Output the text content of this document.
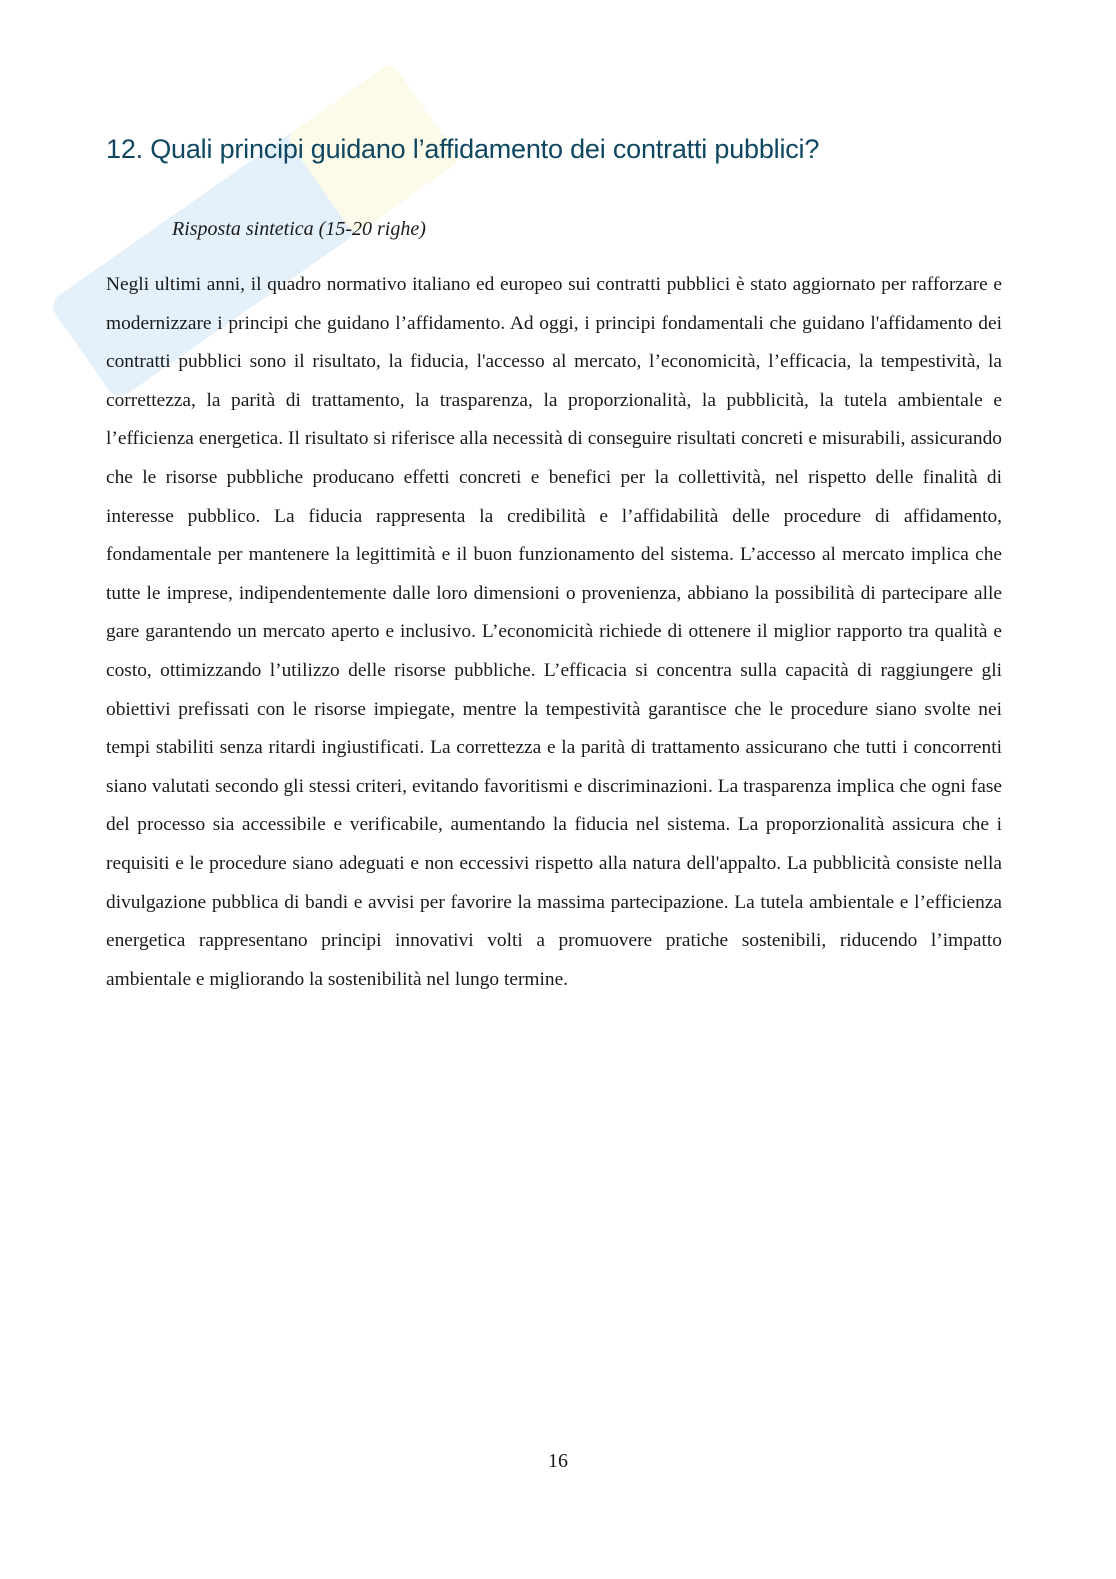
12. Quali principi guidano l’affidamento dei contratti pubblici?

Risposta sintetica (15-20 righe)

Negli ultimi anni, il quadro normativo italiano ed europeo sui contratti pubblici è stato aggiornato per rafforzare e modernizzare i principi che guidano l’affidamento. Ad oggi, i principi fondamentali che guidano l'affidamento dei contratti pubblici sono il risultato, la fiducia, l'accesso al mercato, l’economicità, l’efficacia, la tempestività, la correttezza, la parità di trattamento, la trasparenza, la proporzionalità, la pubblicità, la tutela ambientale e l’efficienza energetica. Il risultato si riferisce alla necessità di conseguire risultati concreti e misurabili, assicurando che le risorse pubbliche producano effetti concreti e benefici per la collettività, nel rispetto delle finalità di interesse pubblico. La fiducia rappresenta la credibilità e l’affidabilità delle procedure di affidamento, fondamentale per mantenere la legittimità e il buon funzionamento del sistema. L’accesso al mercato implica che tutte le imprese, indipendentemente dalle loro dimensioni o provenienza, abbiano la possibilità di partecipare alle gare garantendo un mercato aperto e inclusivo. L’economicità richiede di ottenere il miglior rapporto tra qualità e costo, ottimizzando l’utilizzo delle risorse pubbliche. L’efficacia si concentra sulla capacità di raggiungere gli obiettivi prefissati con le risorse impiegate, mentre la tempestività garantisce che le procedure siano svolte nei tempi stabiliti senza ritardi ingiustificati. La correttezza e la parità di trattamento assicurano che tutti i concorrenti siano valutati secondo gli stessi criteri, evitando favoritismi e discriminazioni. La trasparenza implica che ogni fase del processo sia accessibile e verificabile, aumentando la fiducia nel sistema. La proporzionalità assicura che i requisiti e le procedure siano adeguati e non eccessivi rispetto alla natura dell'appalto. La pubblicità consiste nella divulgazione pubblica di bandi e avvisi per favorire la massima partecipazione. La tutela ambientale e l’efficienza energetica rappresentano principi innovativi volti a promuovere pratiche sostenibili, riducendo l’impatto ambientale e migliorando la sostenibilità nel lungo termine.

16
